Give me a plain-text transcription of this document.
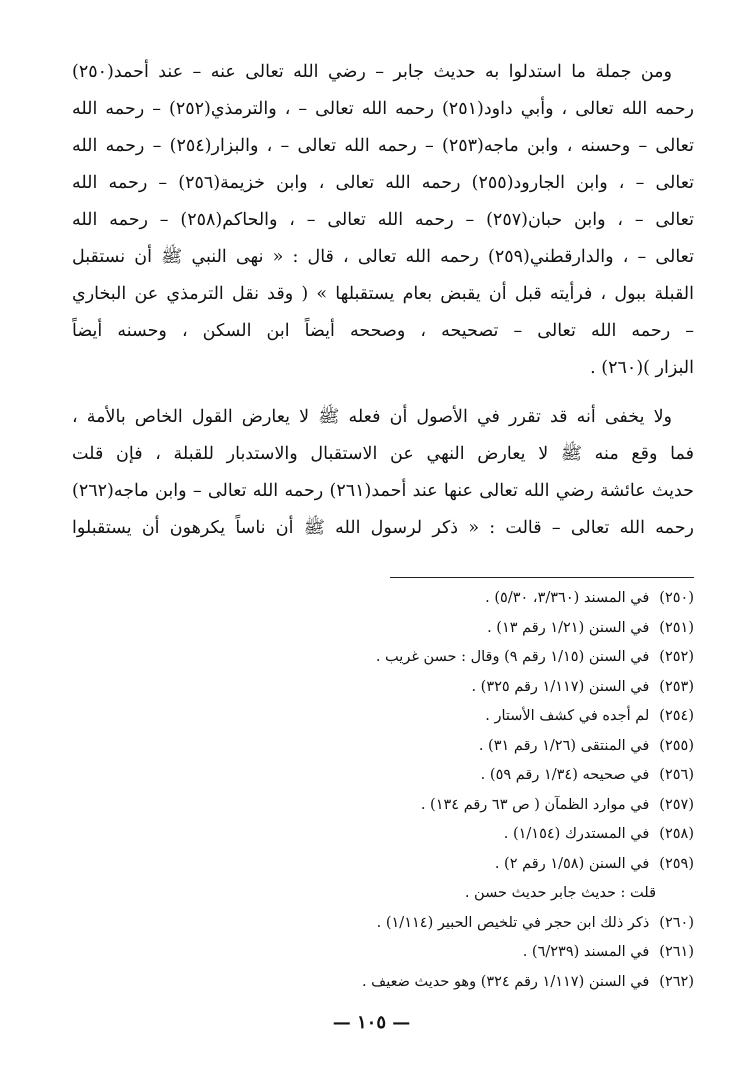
ومن جملة ما استدلوا به حديث جابر – رضي الله تعالى عنه – عند أحمد(٢٥٠)
رحمه الله تعالى ، وأبي داود(٢٥١) رحمه الله تعالى – ، والترمذي(٢٥٢) – رحمه الله
تعالى – وحسنه ، وابن ماجه(٢٥٣) – رحمه الله تعالى – ، والبزار(٢٥٤) – رحمه الله
تعالى – ، وابن الجارود(٢٥٥) رحمه الله تعالى ، وابن خزيمة(٢٥٦) – رحمه الله
تعالى – ، وابن حبان(٢٥٧) – رحمه الله تعالى – ، والحاكم(٢٥٨) – رحمه الله
تعالى – ، والدارقطني(٢٥٩) رحمه الله تعالى ، قال : « نهى النبي ﷺ أن نستقبل
القبلة ببول ، فرأيته قبل أن يقبض بعام يستقبلها » ( وقد نقل الترمذي عن البخاري
– رحمه الله تعالى – تصحيحه ، وصححه أيضاً ابن السكن ، وحسنه أيضاً
البزار )(٢٦٠) .
ولا يخفى أنه قد تقرر في الأصول أن فعله ﷺ لا يعارض القول الخاص بالأمة ،
فما وقع منه ﷺ لا يعارض النهي عن الاستقبال والاستدبار للقبلة ، فإن قلت
حديث عائشة رضي الله تعالى عنها عند أحمد(٢٦١) رحمه الله تعالى – وابن ماجه(٢٦٢)
رحمه الله تعالى – قالت : « ذكر لرسول الله ﷺ أن ناساً يكرهون أن يستقبلوا
(٢٥٠)في المسند (٣/٣٦٠، ٥/٣٠) .
(٢٥١)في السنن (١/٢١ رقم ١٣) .
(٢٥٢)في السنن (١/١٥ رقم ٩) وقال : حسن غريب .
(٢٥٣)في السنن (١/١١٧ رقم ٣٢٥) .
(٢٥٤)لم أجده في كشف الأستار .
(٢٥٥)في المنتقى (١/٢٦ رقم ٣١) .
(٢٥٦)في صحيحه (١/٣٤ رقم ٥٩) .
(٢٥٧)في موارد الظمآن ( ص ٦٣ رقم ١٣٤) .
(٢٥٨)في المستدرك (١/١٥٤) .
(٢٥٩)في السنن (١/٥٨ رقم ٢) .
قلت : حديث جابر حديث حسن .
(٢٦٠)ذكر ذلك ابن حجر في تلخيص الحبير (١/١١٤) .
(٢٦١)في المسند (٦/٢٣٩) .
(٢٦٢)في السنن (١/١١٧ رقم ٣٢٤) وهو حديث ضعيف .
— ١٠٥ —
